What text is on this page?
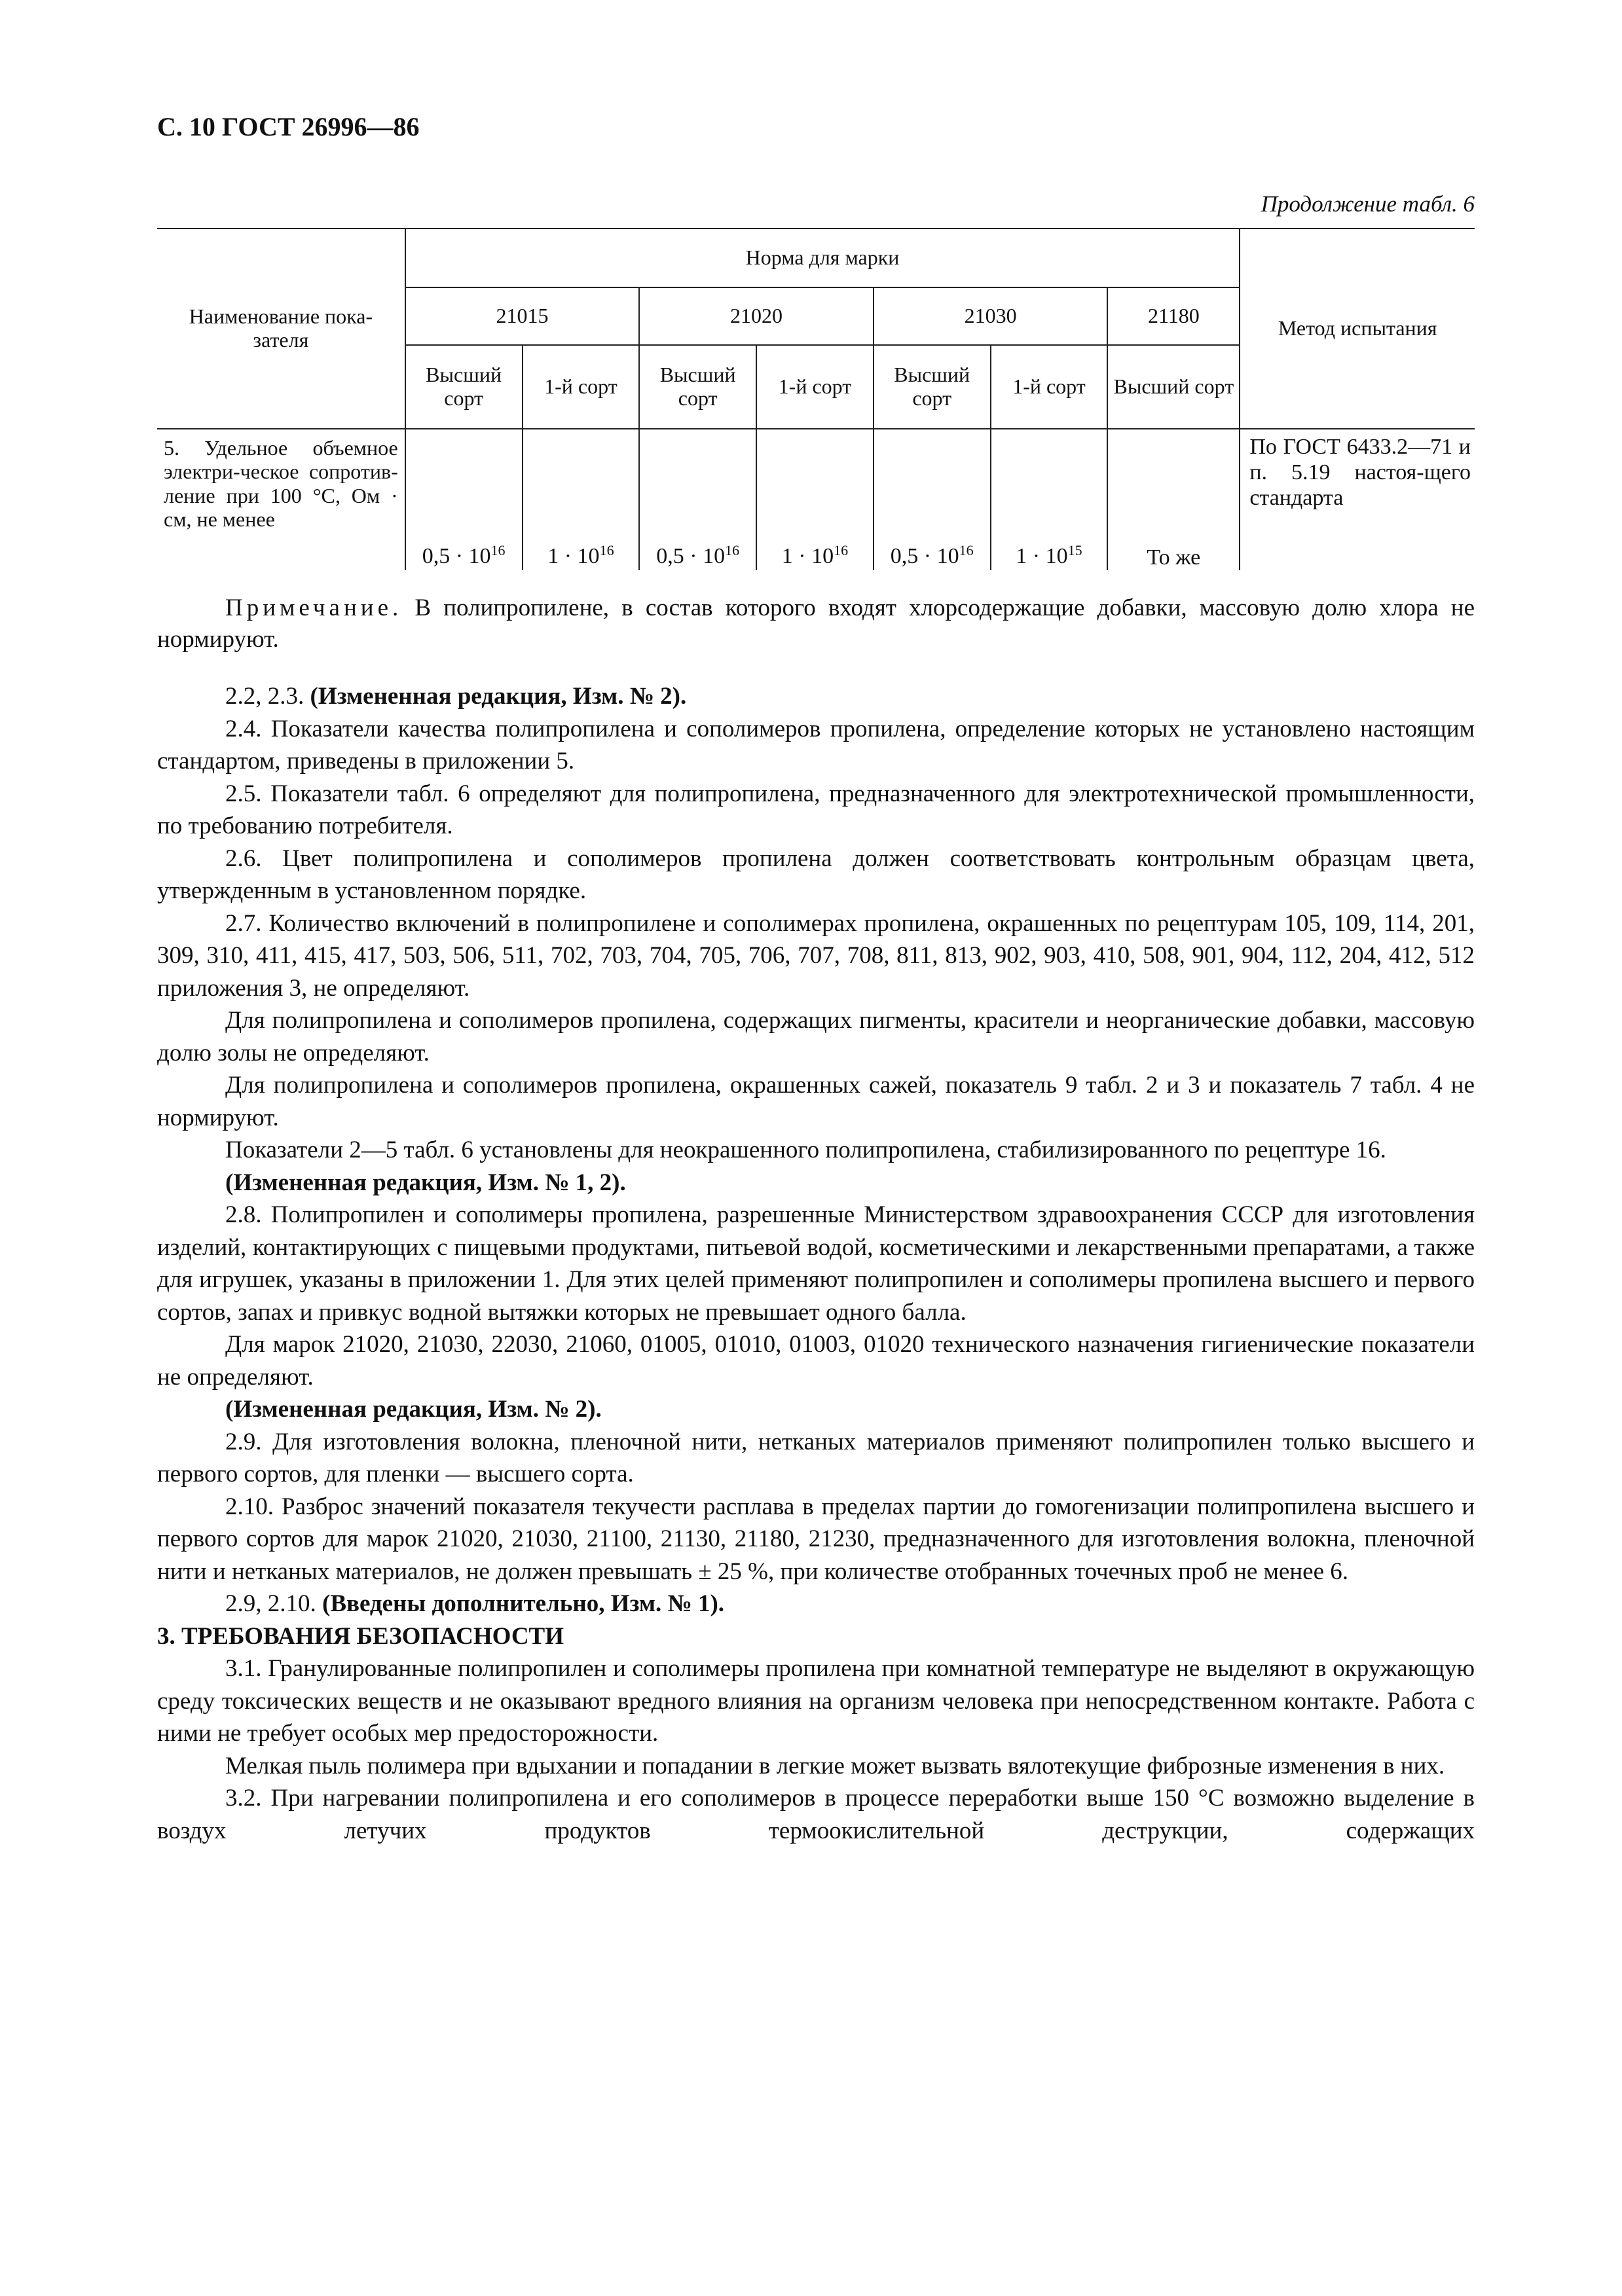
С. 10 ГОСТ 26996—86
Продолжение табл. 6
Наименование пока-
зателя	Норма для марки							Метод испытания
	21015		21020		21030		21180	
	Высший сорт	1-й сорт	Высший сорт	1-й сорт	Высший сорт	1-й сорт	Высший сорт	
5. Удельное объемное электри-ческое сопротив-ление при 100 °С, Ом · см, не менее	$0,5 \cdot 10^{16}$	$1 \cdot 10^{16}$	$0,5 \cdot 10^{16}$	$1 \cdot 10^{16}$	$0,5 \cdot 10^{16}$	$1 \cdot 10^{15}$	То же	По ГОСТ 6433.2—71 и п. 5.19 настоя-щего стандарта

Примечание. В полипропилене, в состав которого входят хлорсодержащие добавки, массовую долю хлора не нормируют.

2.2, 2.3. (Измененная редакция, Изм. № 2).

2.4. Показатели качества полипропилена и сополимеров пропилена, определение которых не установлено настоящим стандартом, приведены в приложении 5.

2.5. Показатели табл. 6 определяют для полипропилена, предназначенного для электротехнической промышленности, по требованию потребителя.

2.6. Цвет полипропилена и сополимеров пропилена должен соответствовать контрольным образцам цвета, утвержденным в установленном порядке.

2.7. Количество включений в полипропилене и сополимерах пропилена, окрашенных по рецептурам 105, 109, 114, 201, 309, 310, 411, 415, 417, 503, 506, 511, 702, 703, 704, 705, 706, 707, 708, 811, 813, 902, 903, 410, 508, 901, 904, 112, 204, 412, 512 приложения 3, не определяют.

Для полипропилена и сополимеров пропилена, содержащих пигменты, красители и неорганические добавки, массовую долю золы не определяют.

Для полипропилена и сополимеров пропилена, окрашенных сажей, показатель 9 табл. 2 и 3 и показатель 7 табл. 4 не нормируют.

Показатели 2—5 табл. 6 установлены для неокрашенного полипропилена, стабилизированного по рецептуре 16.

(Измененная редакция, Изм. № 1, 2).

2.8. Полипропилен и сополимеры пропилена, разрешенные Министерством здравоохранения СССР для изготовления изделий, контактирующих с пищевыми продуктами, питьевой водой, косметическими и лекарственными препаратами, а также для игрушек, указаны в приложении 1. Для этих целей применяют полипропилен и сополимеры пропилена высшего и первого сортов, запах и привкус водной вытяжки которых не превышает одного балла.

Для марок 21020, 21030, 22030, 21060, 01005, 01010, 01003, 01020 технического назначения гигиенические показатели не определяют.

(Измененная редакция, Изм. № 2).

2.9. Для изготовления волокна, пленочной нити, нетканых материалов применяют полипропилен только высшего и первого сортов, для пленки — высшего сорта.

2.10. Разброс значений показателя текучести расплава в пределах партии до гомогенизации полипропилена высшего и первого сортов для марок 21020, 21030, 21100, 21130, 21180, 21230, предназначенного для изготовления волокна, пленочной нити и нетканых материалов, не должен превышать ± 25 %, при количестве отобранных точечных проб не менее 6.

2.9, 2.10. (Введены дополнительно, Изм. № 1).

3. ТРЕБОВАНИЯ БЕЗОПАСНОСТИ

3.1. Гранулированные полипропилен и сополимеры пропилена при комнатной температуре не выделяют в окружающую среду токсических веществ и не оказывают вредного влияния на организм человека при непосредственном контакте. Работа с ними не требует особых мер предосторожности.

Мелкая пыль полимера при вдыхании и попадании в легкие может вызвать вялотекущие фиброзные изменения в них.

3.2. При нагревании полипропилена и его сополимеров в процессе переработки выше 150 °С возможно выделение в воздух летучих продуктов термоокислительной деструкции, содержащих
